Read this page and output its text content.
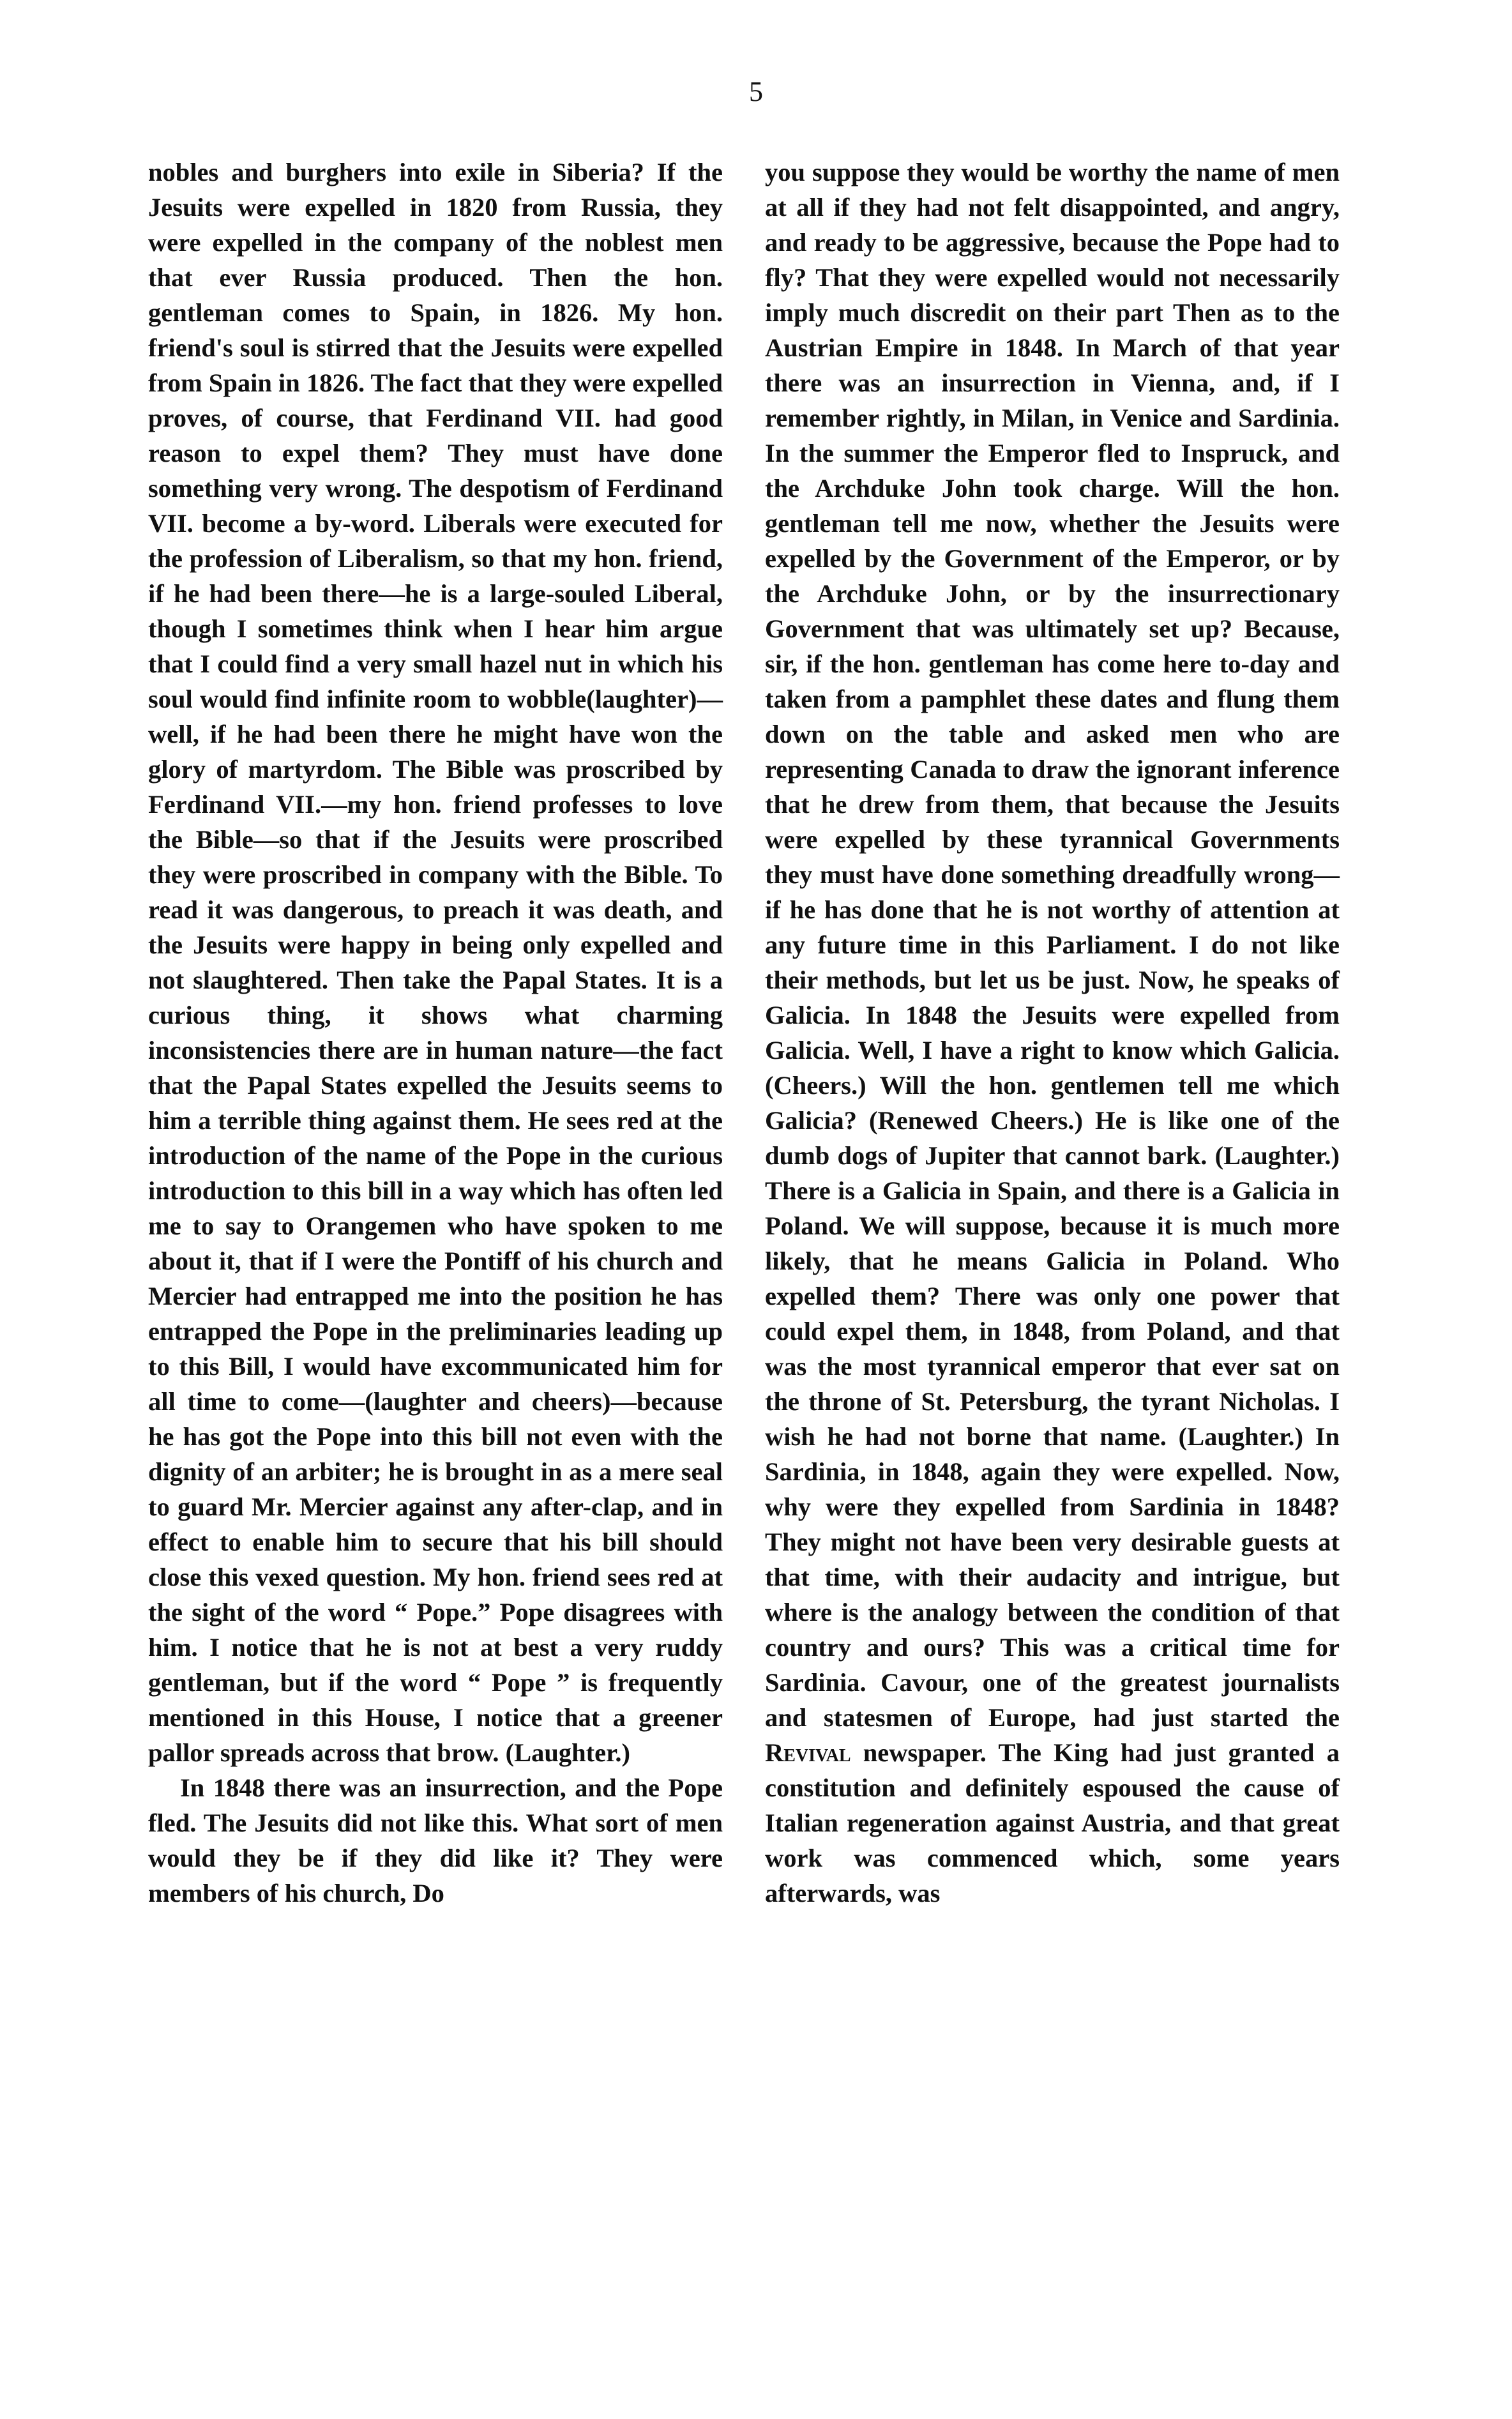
5

nobles and burghers into exile in Siberia? If the Jesuits were expelled in 1820 from Russia, they were expelled in the company of the noblest men that ever Russia produced. Then the hon. gentleman comes to Spain, in 1826. My hon. friend's soul is stirred that the Jesuits were expelled from Spain in 1826. The fact that they were expelled proves, of course, that Ferdinand VII. had good reason to expel them? They must have done something very wrong. The despotism of Ferdinand VII. become a by-word. Liberals were executed for the profession of Liberalism, so that my hon. friend, if he had been there—he is a large-souled Liberal, though I sometimes think when I hear him argue that I could find a very small hazel nut in which his soul would find infinite room to wobble(laughter)—well, if he had been there he might have won the glory of martyrdom. The Bible was proscribed by Ferdinand VII.—my hon. friend professes to love the Bible—so that if the Jesuits were proscribed they were proscribed in company with the Bible. To read it was dangerous, to preach it was death, and the Jesuits were happy in being only expelled and not slaughtered. Then take the Papal States. It is a curious thing, it shows what charming inconsistencies there are in human nature—the fact that the Papal States expelled the Jesuits seems to him a terrible thing against them. He sees red at the introduction of the name of the Pope in the curious introduction to this bill in a way which has often led me to say to Orangemen who have spoken to me about it, that if I were the Pontiff of his church and Mercier had entrapped me into the position he has entrapped the Pope in the preliminaries leading up to this Bill, I would have excommunicated him for all time to come—(laughter and cheers)—because he has got the Pope into this bill not even with the dignity of an arbiter; he is brought in as a mere seal to guard Mr. Mercier against any after-clap, and in effect to enable him to secure that his bill should close this vexed question. My hon. friend sees red at the sight of the word “ Pope.” Pope disagrees with him. I notice that he is not at best a very ruddy gentleman, but if the word “ Pope ” is frequently mentioned in this House, I notice that a greener pallor spreads across that brow. (Laughter.)

In 1848 there was an insurrection, and the Pope fled. The Jesuits did not like this. What sort of men would they be if they did like it? They were members of his church, Do

you suppose they would be worthy the name of men at all if they had not felt disappointed, and angry, and ready to be aggressive, because the Pope had to fly? That they were expelled would not necessarily imply much discredit on their part Then as to the Austrian Empire in 1848. In March of that year there was an insurrection in Vienna, and, if I remember rightly, in Milan, in Venice and Sardinia. In the summer the Emperor fled to Inspruck, and the Archduke John took charge. Will the hon. gentleman tell me now, whether the Jesuits were expelled by the Government of the Emperor, or by the Archduke John, or by the insurrectionary Government that was ultimately set up? Because, sir, if the hon. gentleman has come here to-day and taken from a pamphlet these dates and flung them down on the table and asked men who are representing Canada to draw the ignorant inference that he drew from them, that because the Jesuits were expelled by these tyrannical Governments they must have done something dreadfully wrong—if he has done that he is not worthy of attention at any future time in this Parliament. I do not like their methods, but let us be just. Now, he speaks of Galicia. In 1848 the Jesuits were expelled from Galicia. Well, I have a right to know which Galicia. (Cheers.) Will the hon. gentlemen tell me which Galicia? (Renewed Cheers.) He is like one of the dumb dogs of Jupiter that cannot bark. (Laughter.) There is a Galicia in Spain, and there is a Galicia in Poland. We will suppose, because it is much more likely, that he means Galicia in Poland. Who expelled them? There was only one power that could expel them, in 1848, from Poland, and that was the most tyrannical emperor that ever sat on the throne of St. Petersburg, the tyrant Nicholas. I wish he had not borne that name. (Laughter.) In Sardinia, in 1848, again they were expelled. Now, why were they expelled from Sardinia in 1848? They might not have been very desirable guests at that time, with their audacity and intrigue, but where is the analogy between the condition of that country and ours? This was a critical time for Sardinia. Cavour, one of the greatest journalists and statesmen of Europe, had just started the Revival newspaper. The King had just granted a constitution and definitely espoused the cause of Italian regeneration against Austria, and that great work was commenced which, some years afterwards, was
